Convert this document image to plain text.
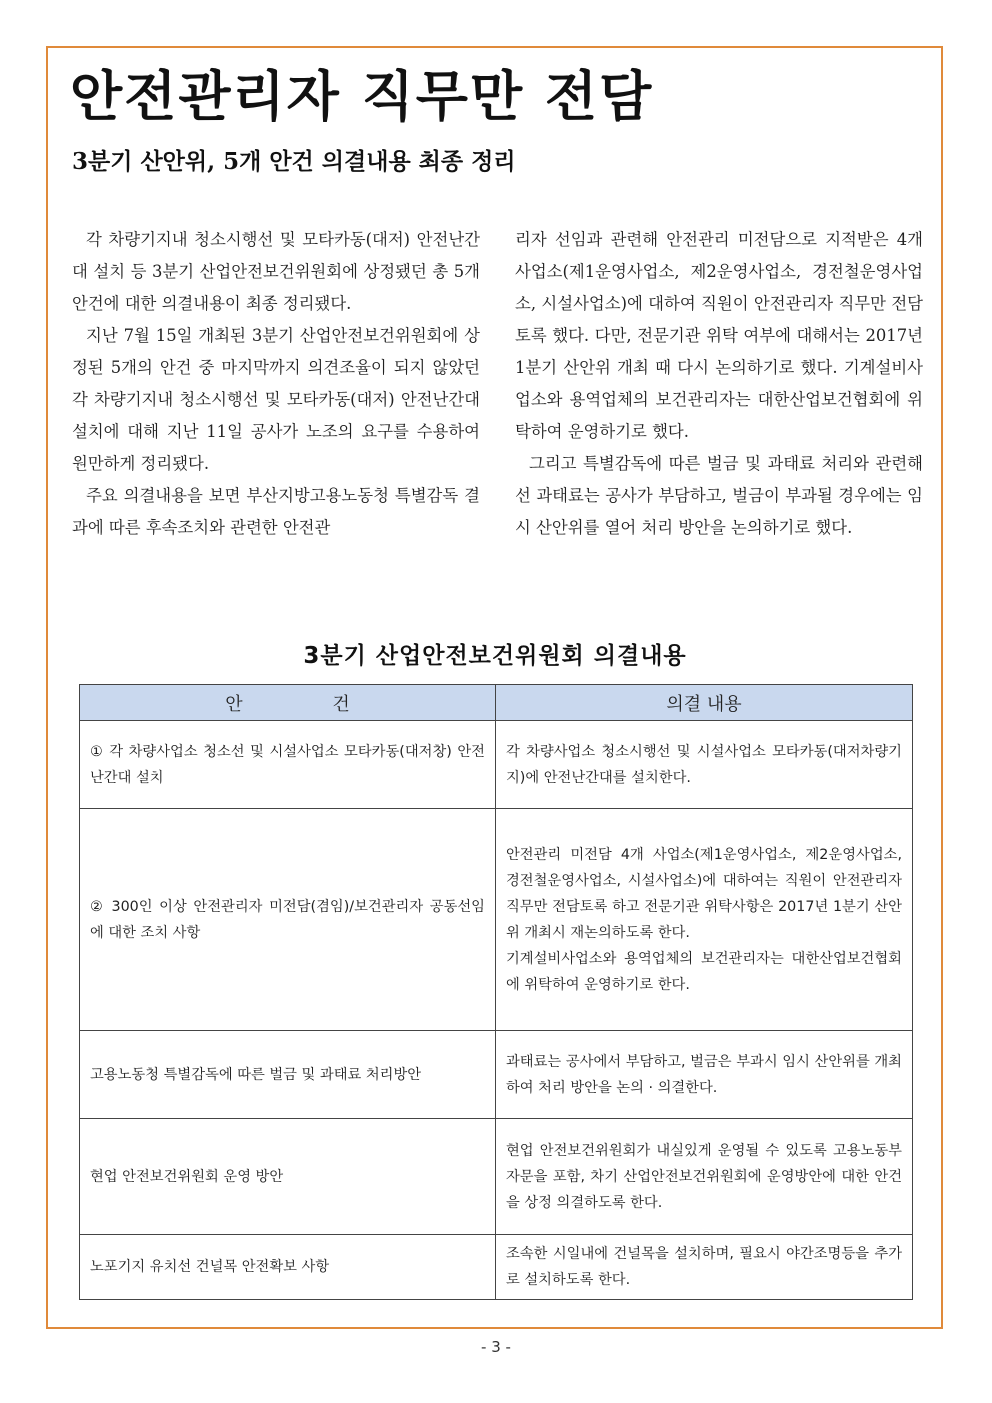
안전관리자 직무만 전담
3분기 산안위, 5개 안건 의결내용 최종 정리

각 차량기지내 청소시행선 및 모타카동(대저) 안전난간대 설치 등 3분기 산업안전보건위원회에 상정됐던 총 5개 안건에 대한 의결내용이 최종 정리됐다.

지난 7월 15일 개최된 3분기 산업안전보건위원회에 상정된 5개의 안건 중 마지막까지 의견조율이 되지 않았던 각 차량기지내 청소시행선 및 모타카동(대저) 안전난간대 설치에 대해 지난 11일 공사가 노조의 요구를 수용하여 원만하게 정리됐다.

주요 의결내용을 보면 부산지방고용노동청 특별감독 결과에 따른 후속조치와 관련한 안전관

리자 선임과 관련해 안전관리 미전담으로 지적받은 4개 사업소(제1운영사업소, 제2운영사업소, 경전철운영사업소, 시설사업소)에 대하여 직원이 안전관리자 직무만 전담토록 했다. 다만, 전문기관 위탁 여부에 대해서는 2017년 1분기 산안위 개최 때 다시 논의하기로 했다. 기계설비사업소와 용역업체의 보건관리자는 대한산업보건협회에 위탁하여 운영하기로 했다.

그리고 특별감독에 따른 벌금 및 과태료 처리와 관련해선 과태료는 공사가 부담하고, 벌금이 부과될 경우에는 임시 산안위를 열어 처리 방안을 논의하기로 했다.

3분기 산업안전보건위원회 의결내용
안 건	의결 내용
① 각 차량사업소 청소선 및 시설사업소 모타카동(대저창) 안전난간대 설치	각 차량사업소 청소시행선 및 시설사업소 모타카동(대저차량기지)에 안전난간대를 설치한다.
② 300인 이상 안전관리자 미전담(겸임)/보건관리자 공동선임에 대한 조치 사항	안전관리 미전담 4개 사업소(제1운영사업소, 제2운영사업소, 경전철운영사업소, 시설사업소)에 대하여는 직원이 안전관리자 직무만 전담토록 하고 전문기관 위탁사항은 2017년 1분기 산안위 개최시 재논의하도록 한다.
기계설비사업소와 용역업체의 보건관리자는 대한산업보건협회에 위탁하여 운영하기로 한다.

고용노동청 특별감독에 따른 벌금 및 과태료 처리방안	과태료는 공사에서 부담하고, 벌금은 부과시 임시 산안위를 개최하여 처리 방안을 논의 · 의결한다.
현업 안전보건위원회 운영 방안	현업 안전보건위원회가 내실있게 운영될 수 있도록 고용노동부 자문을 포함, 차기 산업안전보건위원회에 운영방안에 대한 안건을 상정 의결하도록 한다.
노포기지 유치선 건널목 안전확보 사항	조속한 시일내에 건널목을 설치하며, 필요시 야간조명등을 추가로 설치하도록 한다.
- 3 -
